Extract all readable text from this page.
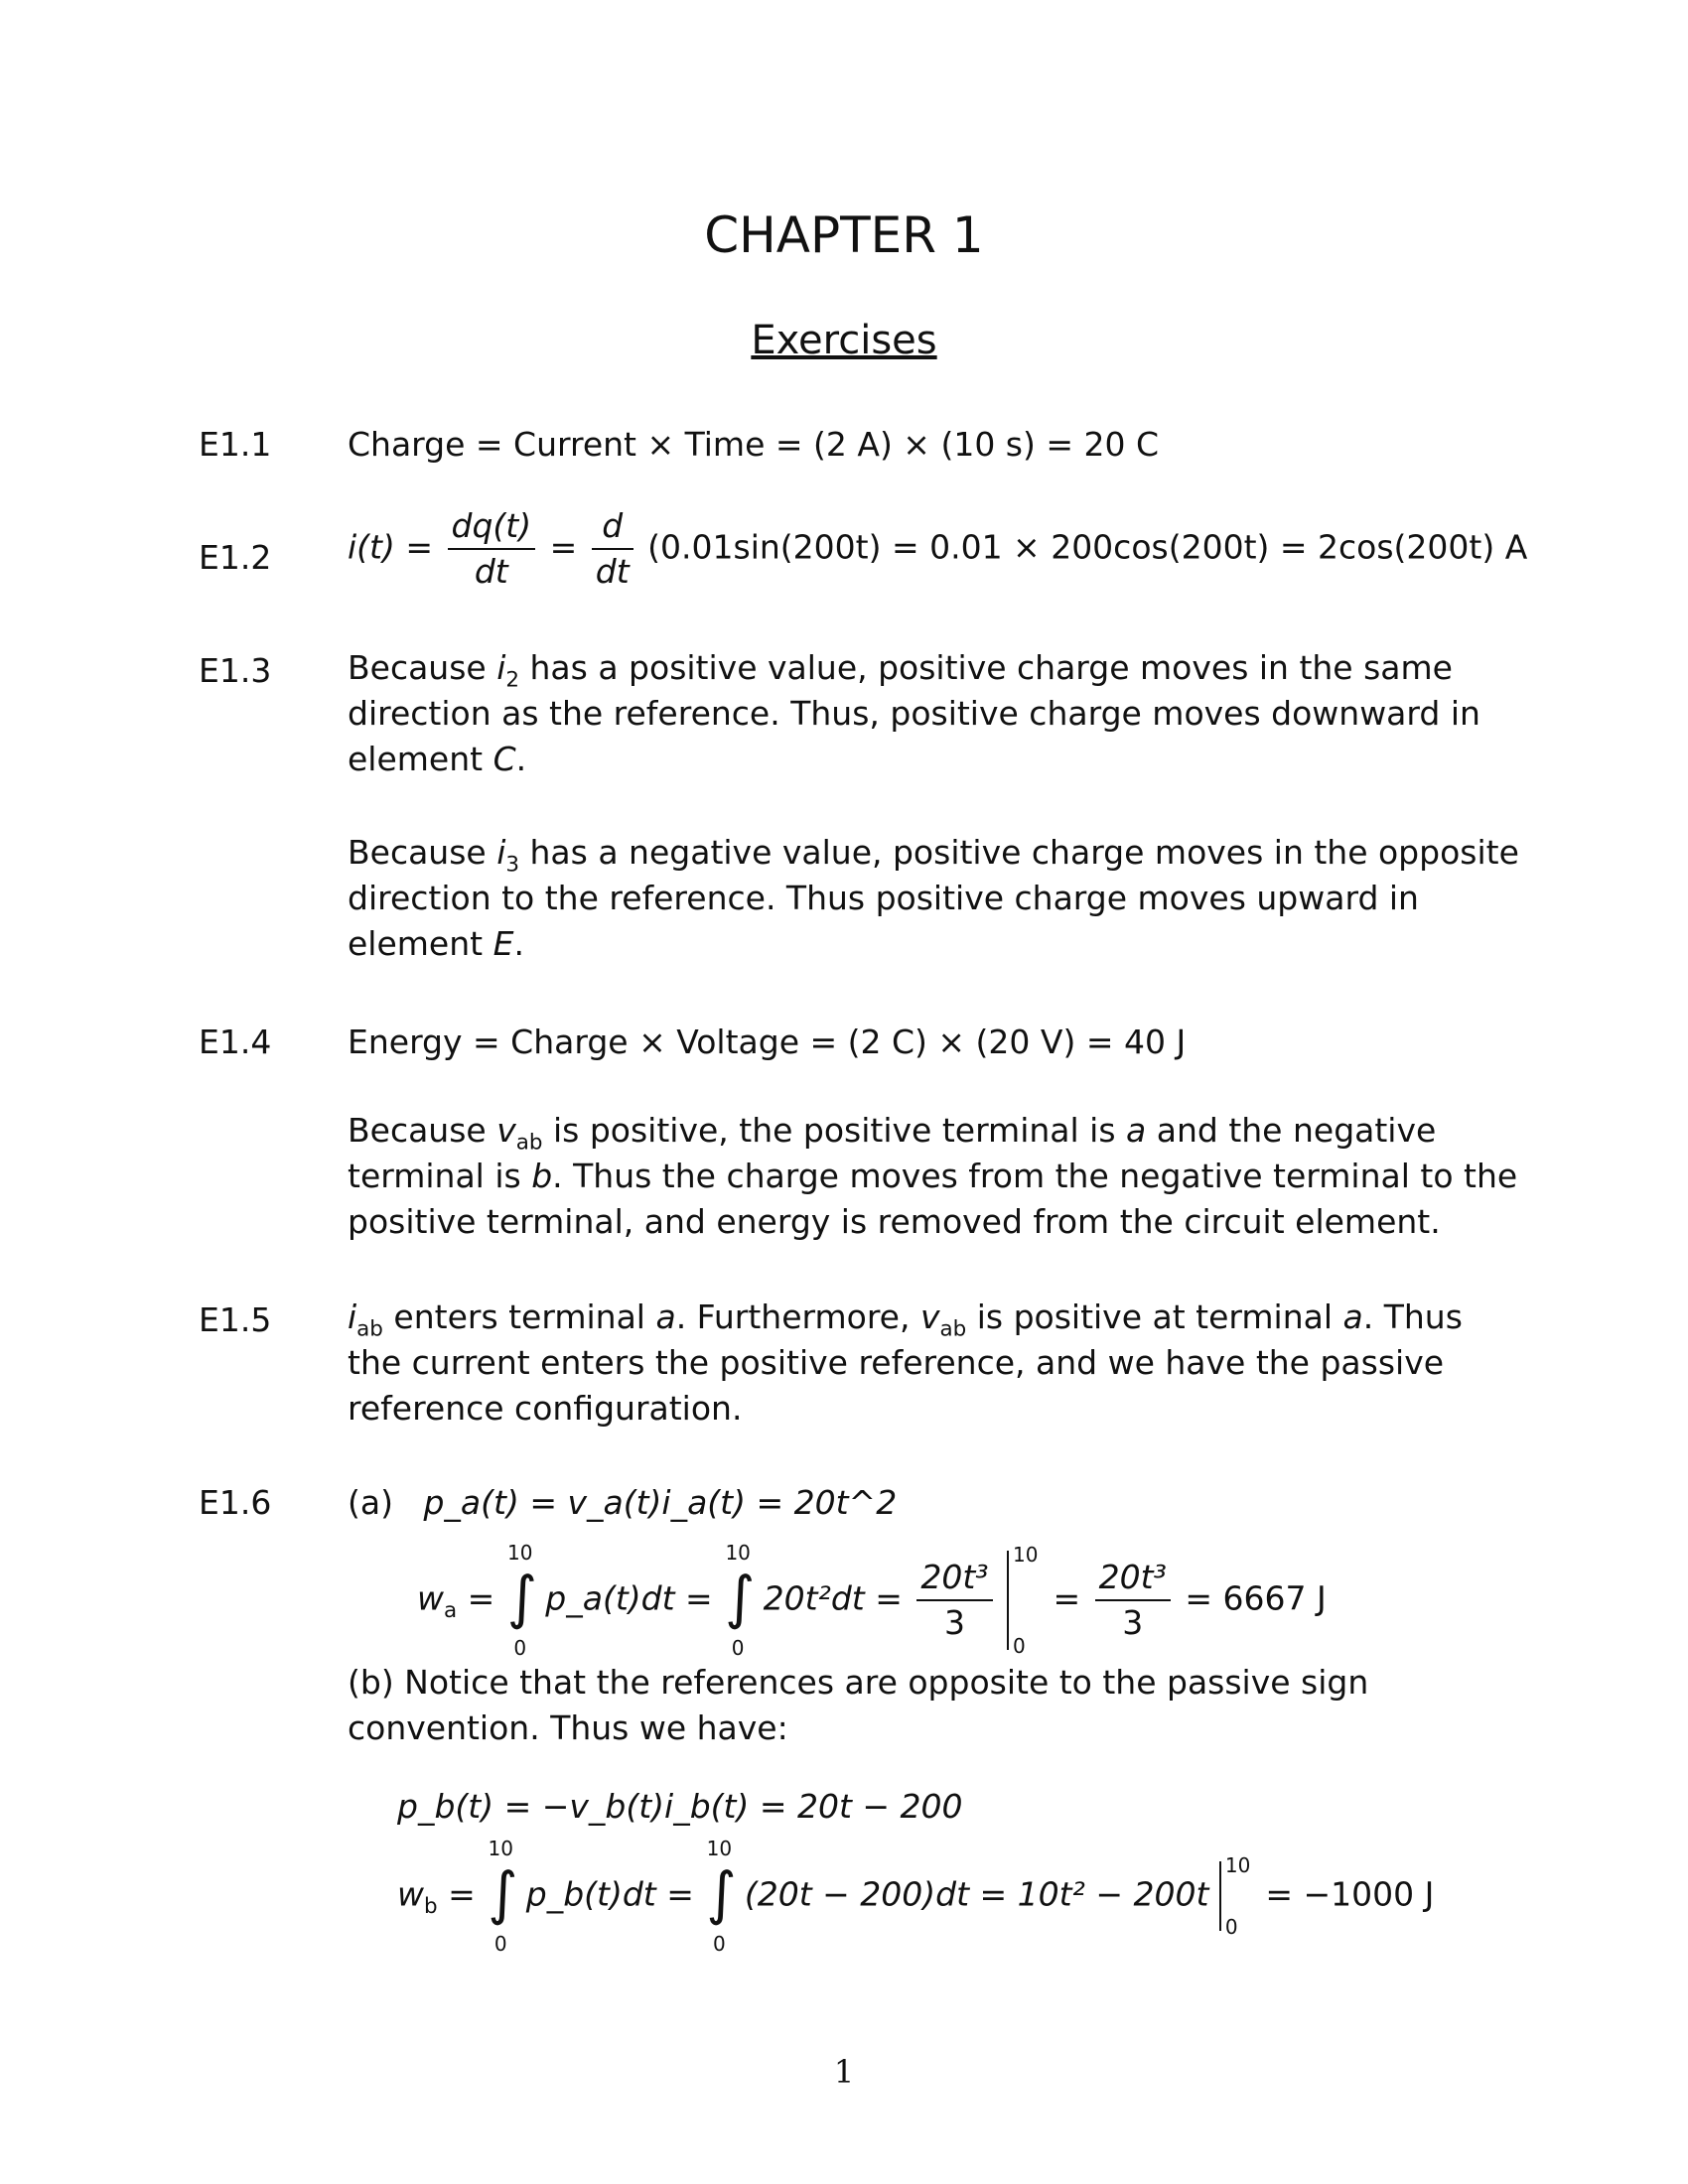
CHAPTER 1
Exercises
E1.1 Charge = Current × Time = (2 A) × (10 s) = 20 C
E1.2 $i(t) = \frac{dq(t)}{dt} = \frac{d}{dt} (0.01\sin(200t) = 0.01 \times 200\cos(200t) = 2\cos(200t)$ A
E1.3 Because $i_2$ has a positive value, positive charge moves in the same direction as the reference. Thus, positive charge moves downward in element C.
Because $i_3$ has a negative value, positive charge moves in the opposite direction to the reference. Thus positive charge moves upward in element E.
E1.4 Energy = Charge × Voltage = (2 C) × (20 V) = 40 J
Because $v_{ab}$ is positive, the positive terminal is a and the negative terminal is b. Thus the charge moves from the negative terminal to the positive terminal, and energy is removed from the circuit element.
E1.5 $i_{ab}$ enters terminal a. Furthermore, $v_{ab}$ is positive at terminal a. Thus the current enters the positive reference, and we have the passive reference configuration.
E1.6 (a) p_a(t) = v_a(t)i_a(t) = 20t^2
$w_a$ =
10
∫
0
p_a(t)dt =
10
∫
0
$20t^2dt = \frac{\text{20t³}}{3}$

10
0
= $\frac{\text{20t³}}{3} = 6667$ J
(b) Notice that the references are opposite to the passive sign convention. Thus we have:
p_b(t) = −v_b(t)i_b(t) = 20t − 200
$w_b$ =
10
∫
0
p_b(t)dt =
10
∫
0
(20t − 200)dt = 10t² − 200t
10
0
= −1000 J
1
